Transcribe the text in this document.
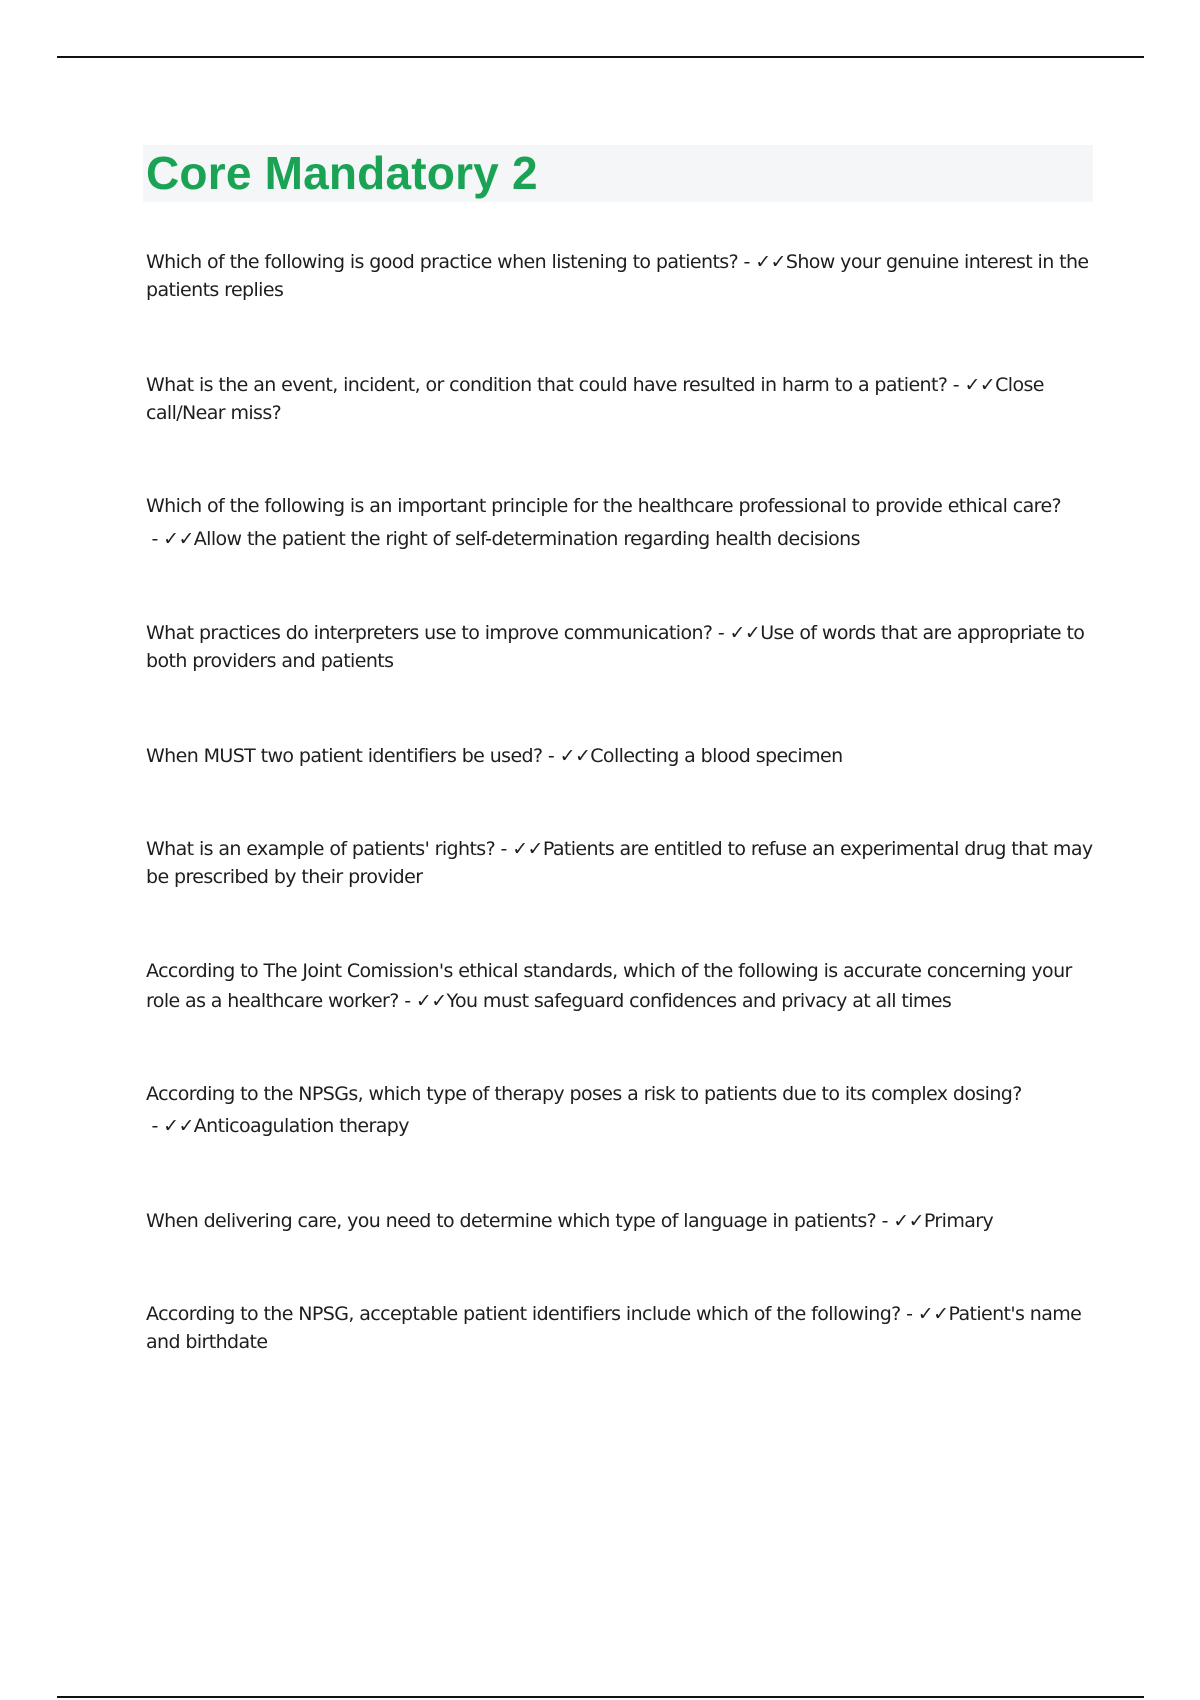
Core Mandatory 2

Which of the following is good practice when listening to patients? - ✓✓Show your genuine interest in the patients replies

What is the an event, incident, or condition that could have resulted in harm to a patient? - ✓✓Close call/Near miss?

Which of the following is an important principle for the healthcare professional to provide ethical care? - ✓✓Allow the patient the right of self-determination regarding health decisions

What practices do interpreters use to improve communication? - ✓✓Use of words that are appropriate to both providers and patients

When MUST two patient identifiers be used? - ✓✓Collecting a blood specimen

What is an example of patients' rights? - ✓✓Patients are entitled to refuse an experimental drug that may be prescribed by their provider

According to The Joint Comission's ethical standards, which of the following is accurate concerning your role as a healthcare worker? - ✓✓You must safeguard confidences and privacy at all times

According to the NPSGs, which type of therapy poses a risk to patients due to its complex dosing? - ✓✓Anticoagulation therapy

When delivering care, you need to determine which type of language in patients? - ✓✓Primary

According to the NPSG, acceptable patient identifiers include which of the following? - ✓✓Patient's name and birthdate
